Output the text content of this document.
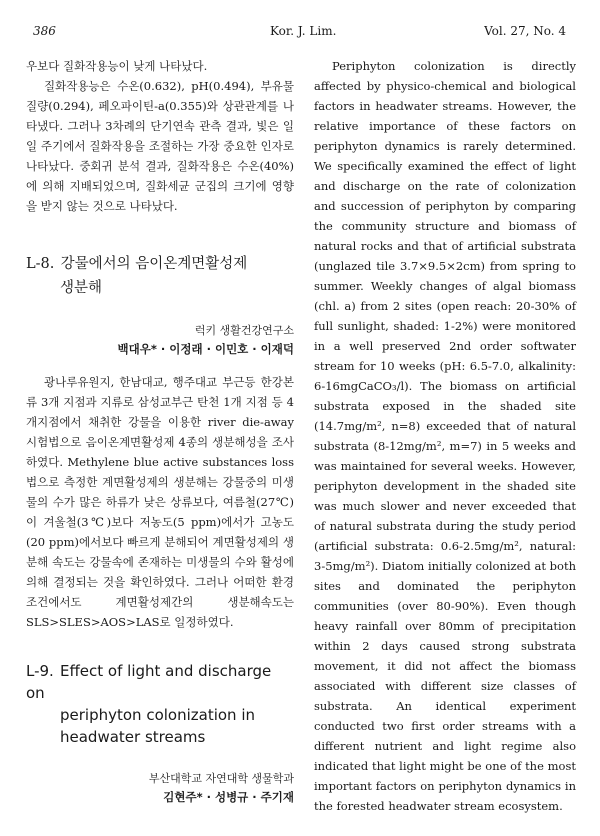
386	Kor. J. Lim.	Vol. 27, No. 4

우보다 질화작용능이 낮게 나타났다.

질화작용능은 수온(0.632), pH(0.494), 부유물질량(0.294), 페오파이틴-a(0.355)와 상관관계를 나타냈다. 그러나 3차례의 단기연속 관측 결과, 빛은 일일 주기에서 질화작용을 조절하는 가장 중요한 인자로 나타났다. 중회귀 분석 결과, 질화작용은 수온(40%)에 의해 지배되었으며, 질화세균 군집의 크기에 영향을 받지 않는 것으로 나타났다.

L-8. 강물에서의 음이온계면활성제
생분해

럭키 생활건강연구소

백대우* · 이정래 · 이민호 · 이재덕

광나루유원지, 한남대교, 행주대교 부근등 한강본류 3개 지점과 지류로 삼성교부근 탄천 1개 지점 등 4개지점에서 채취한 강물을 이용한 river die-away 시험법으로 음이온계면활성제 4종의 생분해성을 조사하였다. Methylene blue active substances loss법으로 측정한 계면활성제의 생분해는 강물중의 미생물의 수가 많은 하류가 낮은 상류보다, 여름철(27℃)이 겨울철(3℃)보다 저농도(5 ppm)에서가 고농도(20 ppm)에서보다 빠르게 분해되어 계면활성제의 생분해 속도는 강물속에 존재하는 미생물의 수와 활성에 의해 결정되는 것을 확인하였다. 그러나 어떠한 환경조건에서도 계면활성제간의 생분해속도는 SLS>SLES>AOS>LAS로 일정하였다.

L-9. Effect of light and discharge on
periphyton colonization in
headwater streams

부산대학교 자연대학 생물학과

김현주* · 성병규 · 주기재

Periphyton colonization is directly affected by physico-chemical and biological factors in headwater streams. However, the relative importance of these factors on periphyton dynamics is rarely determined. We specifically examined the effect of light and discharge on the rate of colonization and succession of periphyton by comparing the community structure and biomass of natural rocks and that of artificial substrata (unglazed tile 3.7×9.5×2cm) from spring to summer. Weekly changes of algal biomass (chl. a) from 2 sites (open reach: 20-30% of full sunlight, shaded: 1-2%) were monitored in a well preserved 2nd order softwater stream for 10 weeks (pH: 6.5-7.0, alkalinity: 6-16mgCaCO₃/l). The biomass on artificial substrata exposed in the shaded site (14.7mg/m², n=8) exceeded that of natural substrata (8-12mg/m², m=7) in 5 weeks and was maintained for several weeks. However, periphyton development in the shaded site was much slower and never exceeded that of natural substrata during the study period (artificial substrata: 0.6-2.5mg/m², natural: 3-5mg/m²). Diatom initially colonized at both sites and dominated the periphyton communities (over 80-90%). Even though heavy rainfall over 80mm of precipitation within 2 days caused strong substrata movement, it did not affect the biomass associated with different size classes of substrata. An identical experiment conducted two first order streams with a different nutrient and light regime also indicated that light might be one of the most important factors on periphyton dynamics in the forested headwater stream ecosystem.
